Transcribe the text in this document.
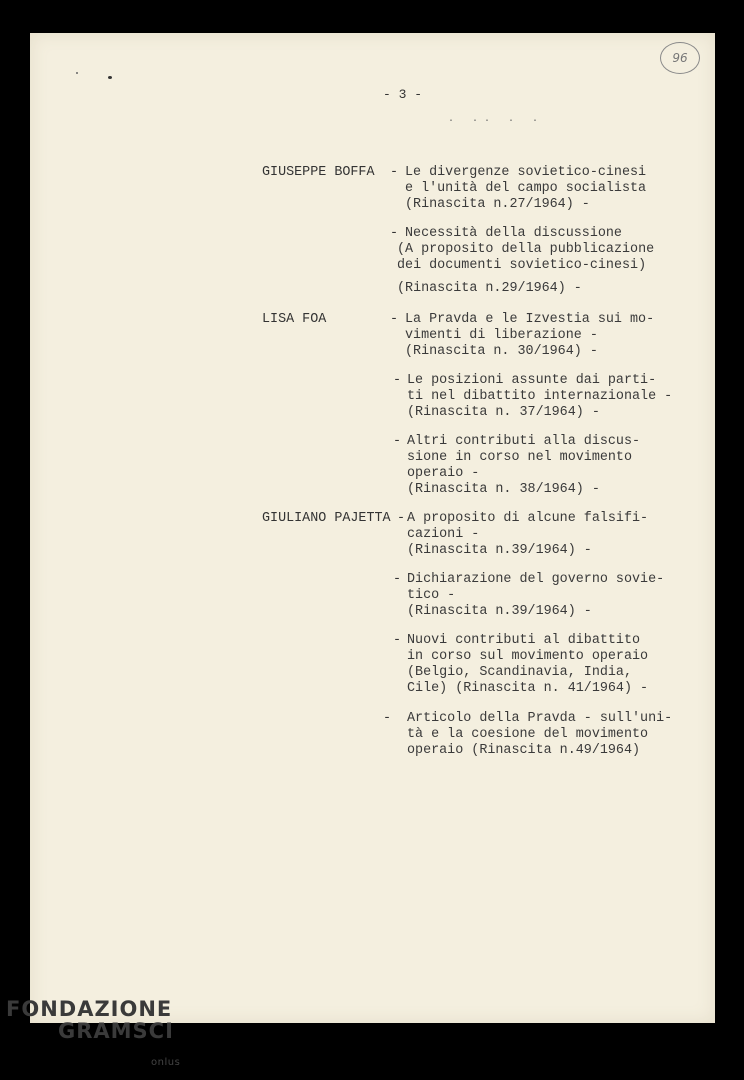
96
- 3 -
· ·· · ·
GIUSEPPE BOFFA - Le divergenze sovietico-cinesi
e l'unità del campo socialista
(Rinascita n.27/1964) -
- Necessità della discussione
(A proposito della pubblicazione
dei documenti sovietico-cinesi)
(Rinascita n.29/1964) -
LISA FOA	- La Pravda e le Izvestia sui mo-
vimenti di liberazione -
(Rinascita n. 30/1964) -
- Le posizioni assunte dai parti-
ti nel dibattito internazionale -
(Rinascita n. 37/1964) -
- Altri contributi alla discus-
sione in corso nel movimento
operaio -
(Rinascita n. 38/1964) -
GIULIANO PAJETTA - A proposito di alcune falsifi-
cazioni -
(Rinascita n.39/1964) -
- Dichiarazione del governo sovie-
tico -
(Rinascita n.39/1964) -
- Nuovi contributi al dibattito
in corso sul movimento operaio
(Belgio, Scandinavia, India,
Cile) (Rinascita n. 41/1964) -
- Articolo della Pravda - sull'uni-
tà e la coesione del movimento
operaio (Rinascita n.49/1964)
FONDAZIONE
GRAMSCI
onlus
